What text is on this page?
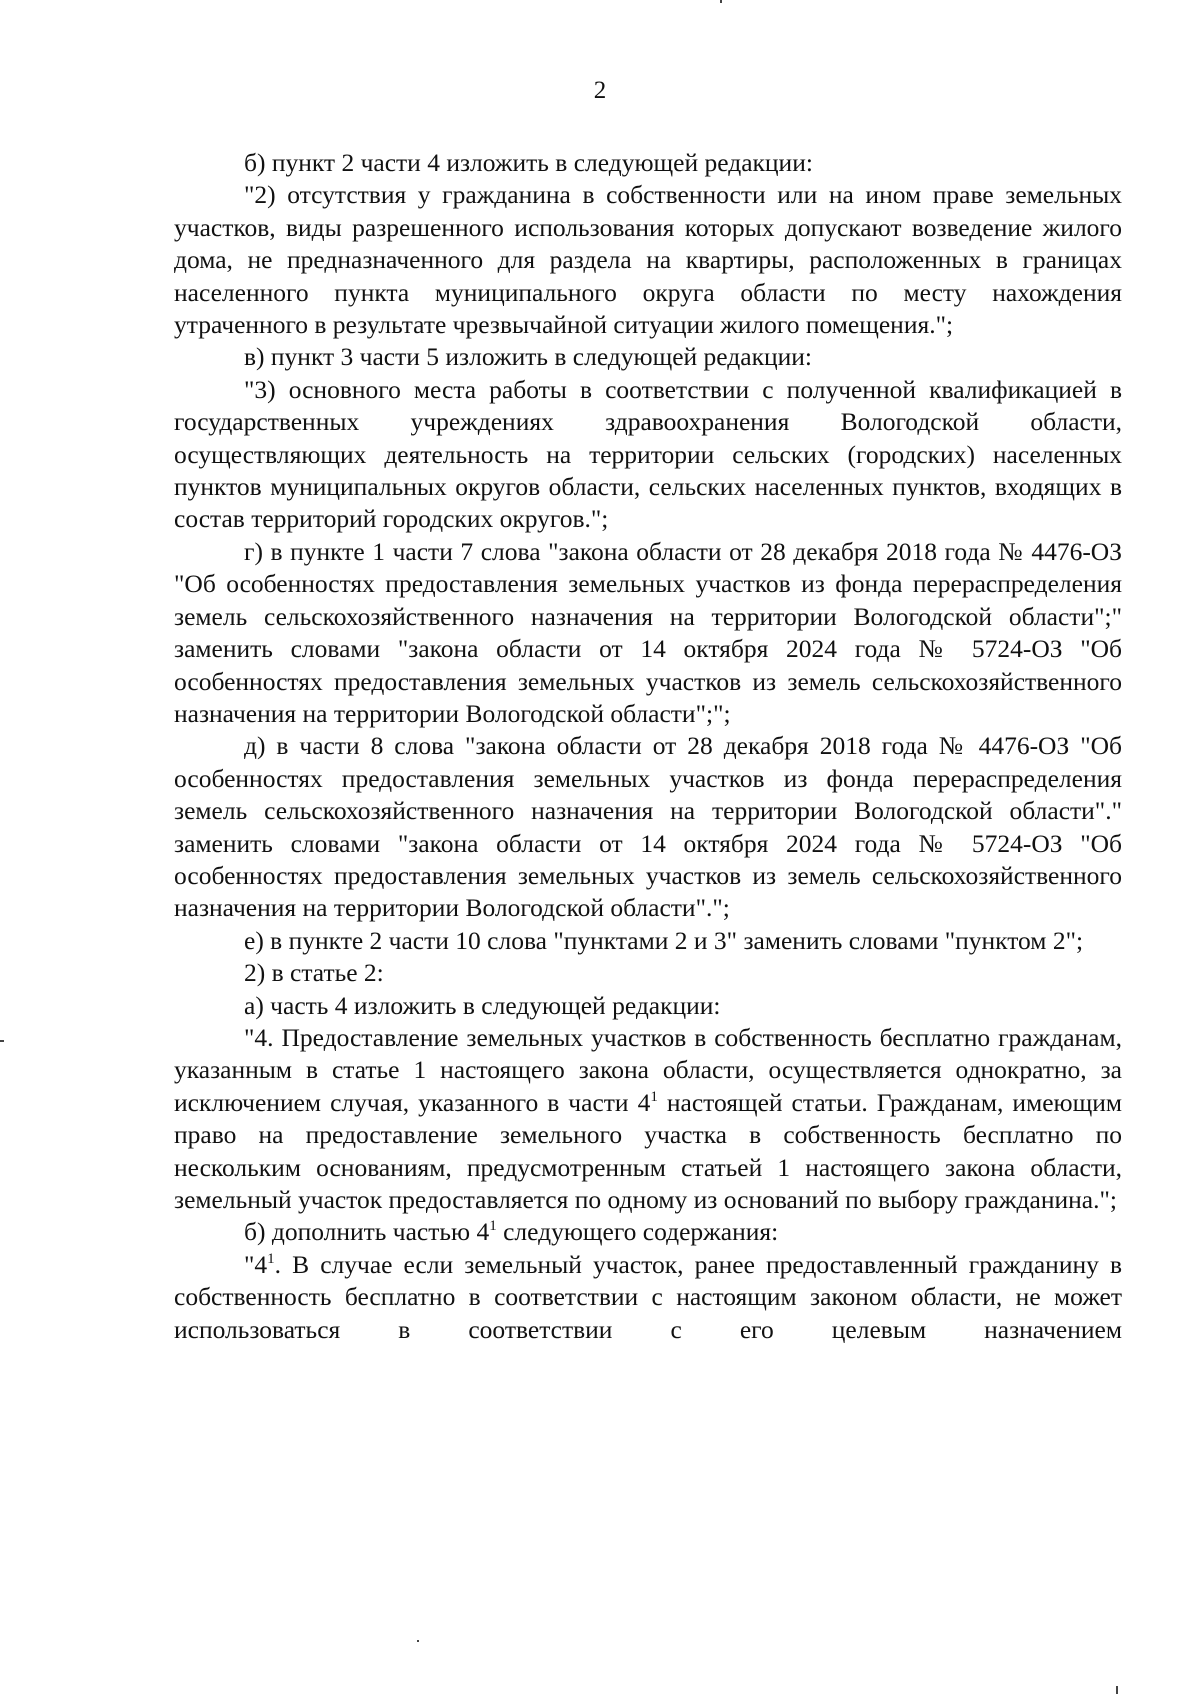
2

б) пункт 2 части 4 изложить в следующей редакции:

"2) отсутствия у гражданина в собственности или на ином праве земельных участков, виды разрешенного использования которых допускают возведение жилого дома, не предназначенного для раздела на квартиры, расположенных в границах населенного пункта муниципального округа области по месту нахождения утраченного в результате чрезвычайной ситуации жилого помещения.";

в) пункт 3 части 5 изложить в следующей редакции:

"3) основного места работы в соответствии с полученной квалификацией в государственных учреждениях здравоохранения Вологодской области, осуществляющих деятельность на территории сельских (городских) населенных пунктов муниципальных округов области, сельских населенных пунктов, входящих в состав территорий городских округов.";

г) в пункте 1 части 7 слова "закона области от 28 декабря 2018 года № 4476-ОЗ "Об особенностях предоставления земельных участков из фонда перераспределения земель сельскохозяйственного назначения на территории Вологодской области";" заменить словами "закона области от 14 октября 2024 года № 5724-ОЗ "Об особенностях предоставления земельных участков из земель сельскохозяйственного назначения на территории Вологодской области";";

д) в части 8 слова "закона области от 28 декабря 2018 года № 4476-ОЗ "Об особенностях предоставления земельных участков из фонда перераспределения земель сельскохозяйственного назначения на территории Вологодской области"." заменить словами "закона области от 14 октября 2024 года № 5724-ОЗ "Об особенностях предоставления земельных участков из земель сельскохозяйственного назначения на территории Вологодской области".";

е) в пункте 2 части 10 слова "пунктами 2 и 3" заменить словами "пунктом 2";

2) в статье 2:

а) часть 4 изложить в следующей редакции:

"4. Предоставление земельных участков в собственность бесплатно гражданам, указанным в статье 1 настоящего закона области, осуществляется однократно, за исключением случая, указанного в части $4^1$ настоящей статьи. Гражданам, имеющим право на предоставление земельного участка в собственность бесплатно по нескольким основаниям, предусмотренным статьей 1 настоящего закона области, земельный участок предоставляется по одному из оснований по выбору гражданина.";

б) дополнить частью $4^1$ следующего содержания:

"$4^1$. В случае если земельный участок, ранее предоставленный гражданину в собственность бесплатно в соответствии с настоящим законом области, не может использоваться в соответствии с его целевым назначением
